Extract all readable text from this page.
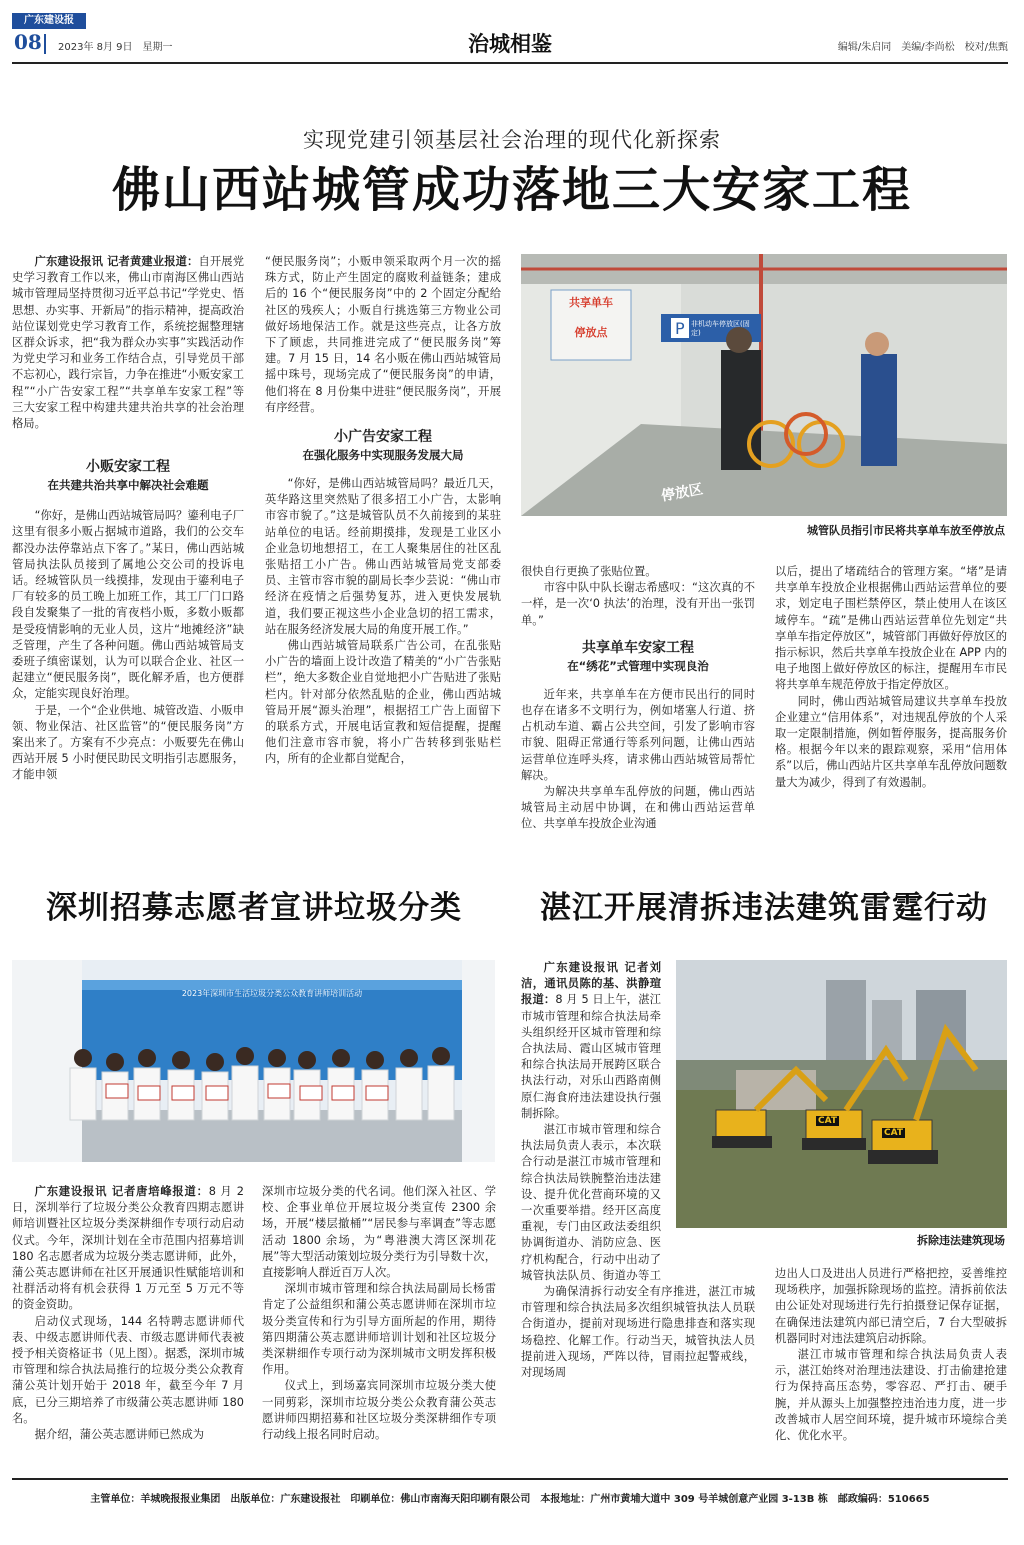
广东建设报
08 2023年 8月 9日　星期一	治城相鉴	编辑/朱启同　美编/李尚松　校对/焦甄
实现党建引领基层社会治理的现代化新探索
佛山西站城管成功落地三大安家工程

广东建设报讯 记者黄建业报道：自开展党史学习教育工作以来，佛山市南海区佛山西站城市管理局坚持贯彻习近平总书记“学党史、悟思想、办实事、开新局”的指示精神，提高政治站位谋划党史学习教育工作，系统挖掘整理辖区群众诉求，把“我为群众办实事”实践活动作为党史学习和业务工作结合点，引导党员干部不忘初心，践行宗旨，力争在推进“小贩安家工程”“小广告安家工程”“共享单车安家工程”等三大安家工程中构建共建共治共享的社会治理格局。

小贩安家工程
在共建共治共享中解决社会难题

“你好，是佛山西站城管局吗？鎏利电子厂这里有很多小贩占据城市道路，我们的公交车都没办法停靠站点下客了。”某日，佛山西站城管局执法队员接到了属地公交公司的投诉电话。经城管队员一线摸排，发现由于鎏利电子厂有较多的员工晚上加班工作，其工厂门口路段自发聚集了一批的宵夜档小贩，多数小贩都是受疫情影响的无业人员，这片“地摊经济”缺乏管理，产生了各种问题。佛山西站城管局支委班子缜密谋划，认为可以联合企业、社区一起建立“便民服务岗”，既化解矛盾，也方便群众，定能实现良好治理。

于是，一个“企业供地、城管改造、小贩申领、物业保洁、社区监管”的“便民服务岗”方案出来了。方案有不少亮点：小贩要先在佛山西站开展 5 小时便民助民文明指引志愿服务，才能申领

“便民服务岗”；小贩申领采取两个月一次的摇珠方式，防止产生固定的腐败利益链条；建成后的 16 个“便民服务岗”中的 2 个固定分配给社区的残疾人；小贩自行挑选第三方物业公司做好场地保洁工作。就是这些亮点，让各方放下了顾虑，共同推进完成了“便民服务岗”筹建。7 月 15 日，14 名小贩在佛山西站城管局摇中珠号，现场完成了“便民服务岗”的申请，他们将在 8 月份集中进驻“便民服务岗”，开展有序经营。

小广告安家工程
在强化服务中实现服务发展大局

“你好，是佛山西站城管局吗？最近几天，英华路这里突然贴了很多招工小广告，太影响市容市貌了。”这是城管队员不久前接到的某驻站单位的电话。经前期摸排，发现是工业区小企业急切地想招工，在工人聚集居住的社区乱张贴招工小广告。佛山西站城管局党支部委员、主管市容市貌的副局长李少芸说：“佛山市经济在疫情之后强势复苏，进入更快发展轨道，我们要正视这些小企业急切的招工需求，站在服务经济发展大局的角度开展工作。”

佛山西站城管局联系广告公司，在乱张贴小广告的墙面上设计改造了精美的“小广告张贴栏”，绝大多数企业自觉地把小广告贴进了张贴栏内。针对部分依然乱贴的企业，佛山西站城管局开展“源头治理”，根据招工广告上面留下的联系方式，开展电话宣教和短信提醒，提醒他们注意市容市貌，将小广告转移到张贴栏内，所有的企业都自觉配合，

P
共享单车
停放点
非机动车停放区(固定)
停放区
城管队员指引市民将共享单车放至停放点

很快自行更换了张贴位置。

市容中队中队长谢志希感叹：“这次真的不一样，是一次‘0 执法’的治理，没有开出一张罚单。”

共享单车安家工程
在“绣花”式管理中实现良治

近年来，共享单车在方便市民出行的同时也存在诸多不文明行为，例如堵塞人行道、挤占机动车道、霸占公共空间，引发了影响市容市貌、阻碍正常通行等系列问题，让佛山西站运营单位连呼头疼，请求佛山西站城管局帮忙解决。

为解决共享单车乱停放的问题，佛山西站城管局主动居中协调，在和佛山西站运营单位、共享单车投放企业沟通

以后，提出了堵疏结合的管理方案。“堵”是请共享单车投放企业根据佛山西站运营单位的要求，划定电子围栏禁停区，禁止使用人在该区域停车。“疏”是佛山西站运营单位先划定“共享单车指定停放区”，城管部门再做好停放区的指示标识，然后共享单车投放企业在 APP 内的电子地图上做好停放区的标注，提醒用车市民将共享单车规范停放于指定停放区。

同时，佛山西站城管局建议共享单车投放企业建立“信用体系”，对违规乱停放的个人采取一定限制措施，例如暂停服务，提高服务价格。根据今年以来的跟踪观察，采用“信用体系”以后，佛山西站片区共享单车乱停放问题数量大为减少，得到了有效遏制。

深圳招募志愿者宣讲垃圾分类	湛江开展清拆违法建筑雷霆行动
2023年深圳市生活垃圾分类公众教育讲师培训活动

广东建设报讯 记者唐培峰报道：8 月 2 日，深圳举行了垃圾分类公众教育四期志愿讲师培训暨社区垃圾分类深耕细作专项行动启动仪式。今年，深圳计划在全市范围内招募培训 180 名志愿者成为垃圾分类志愿讲师，此外，蒲公英志愿讲师在社区开展通识性赋能培训和社群活动将有机会获得 1 万元至 5 万元不等的资金资助。

启动仪式现场，144 名特聘志愿讲师代表、中级志愿讲师代表、市级志愿讲师代表被授予相关资格证书（见上图）。据悉，深圳市城市管理和综合执法局推行的垃圾分类公众教育蒲公英计划开始于 2018 年，截至今年 7 月底，已分三期培养了市级蒲公英志愿讲师 180 名。

据介绍，蒲公英志愿讲师已然成为

深圳市垃圾分类的代名词。他们深入社区、学校、企事业单位开展垃圾分类宣传 2300 余场，开展“楼层撤桶”“居民参与率调查”等志愿活动 1800 余场，为“粤港澳大湾区深圳花展”等大型活动策划垃圾分类行为引导数十次，直接影响人群近百万人次。

深圳市城市管理和综合执法局副局长杨雷肯定了公益组织和蒲公英志愿讲师在深圳市垃圾分类宣传和行为引导方面所起的作用，期待第四期蒲公英志愿讲师培训计划和社区垃圾分类深耕细作专项行动为深圳城市文明发挥积极作用。

仪式上，到场嘉宾同深圳市垃圾分类大使一同剪彩，深圳市垃圾分类公众教育蒲公英志愿讲师四期招募和社区垃圾分类深耕细作专项行动线上报名同时启动。

广东建设报讯 记者刘洁，通讯员陈的基、洪静瑄报道：8 月 5 日上午，湛江市城市管理和综合执法局牵头组织经开区城市管理和综合执法局、霞山区城市管理和综合执法局开展跨区联合执法行动，对乐山西路南侧原仁海食府违法建设执行强制拆除。

湛江市城市管理和综合执法局负责人表示，本次联合行动是湛江市城市管理和综合执法局铁腕整治违法建设、提升优化营商环境的又一次重要举措。经开区高度重视，专门由区政法委组织协调街道办、消防应急、医疗机构配合，行动中出动了城管执法队员、街道办等工

CAT
CAT
拆除违法建筑现场

为确保清拆行动安全有序推进，湛江市城市管理和综合执法局多次组织城管执法人员联合街道办，提前对现场进行隐患排查和落实现场稳控、化解工作。行动当天，城管执法人员提前进入现场，严阵以待，冒雨拉起警戒线，对现场周

边出人口及进出人员进行严格把控，妥善维控现场秩序，加强拆除现场的监控。清拆前依法由公证处对现场进行先行拍摄登记保存证据，在确保违法建筑内部已清空后，7 台大型破拆机器同时对违法建筑启动拆除。

湛江市城市管理和综合执法局负责人表示，湛江始终对治理违法建设、打击偷建抢建行为保持高压态势，零容忍、严打击、硬手腕，并从源头上加强整控违治违力度，进一步改善城市人居空间环境，提升城市环境综合美化、优化水平。

主管单位：羊城晚报报业集团　出版单位：广东建设报社　印刷单位：佛山市南海天阳印刷有限公司　本报地址：广州市黄埔大道中 309 号羊城创意产业园 3-13B 栋　邮政编码：510665
